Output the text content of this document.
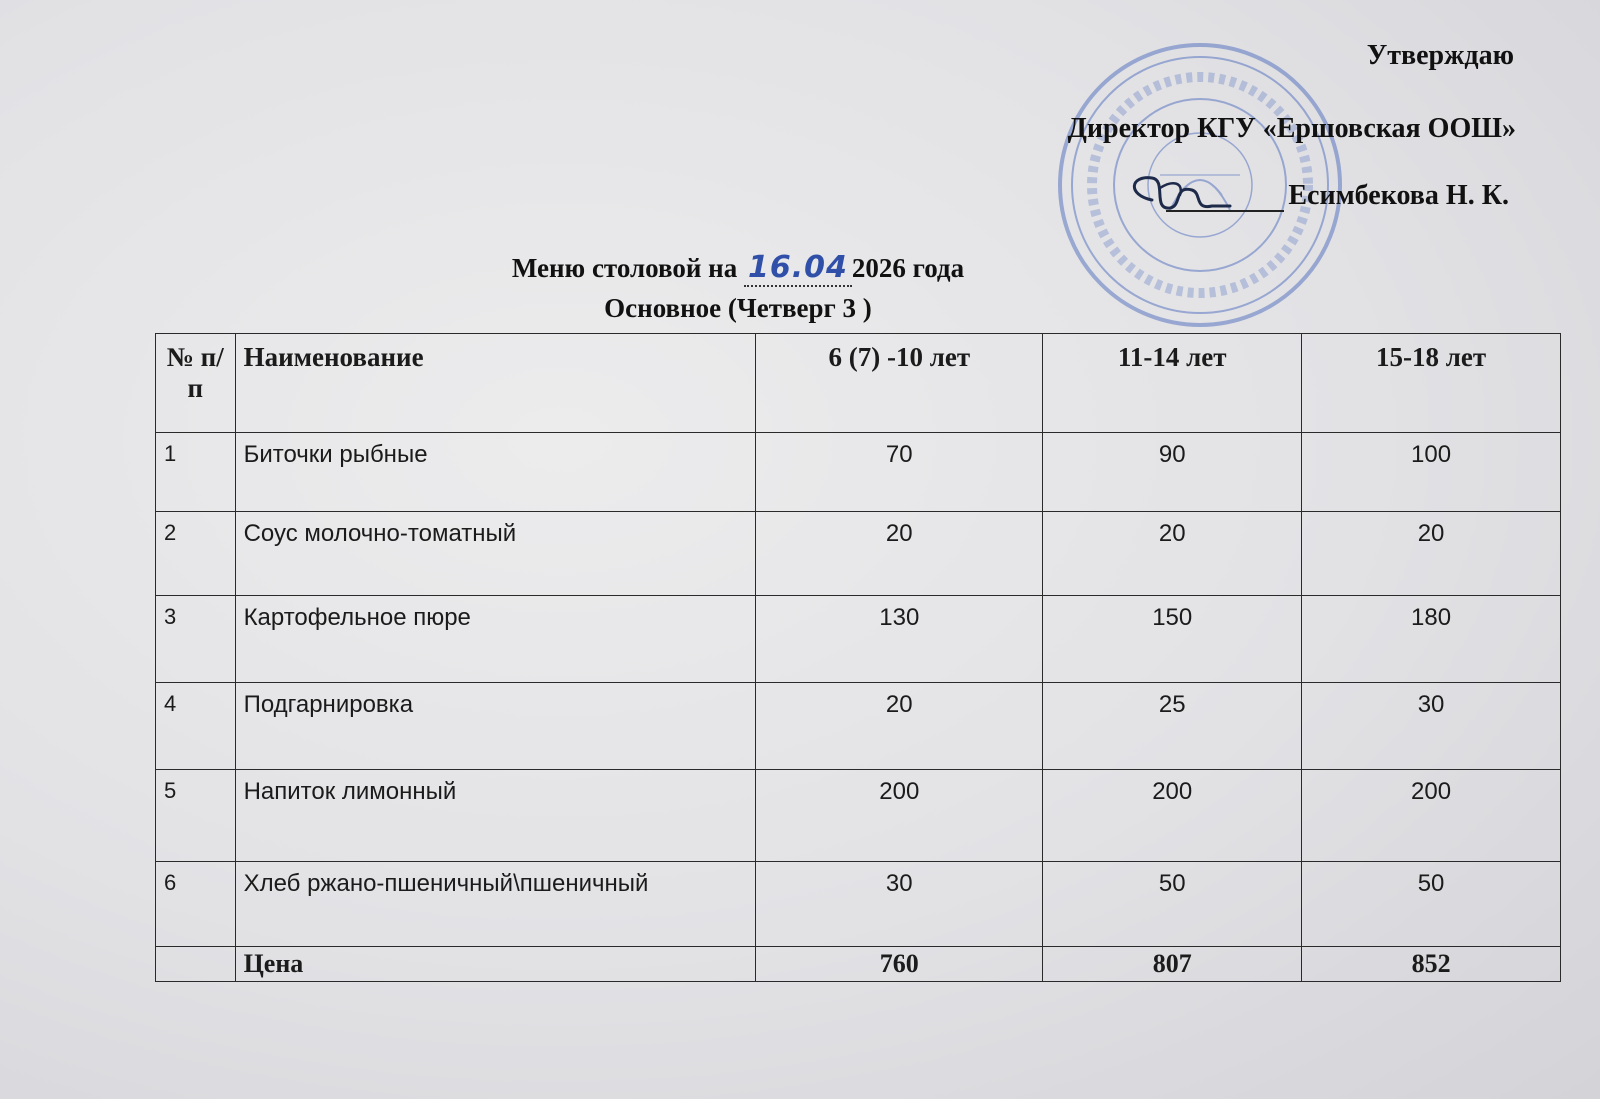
Утверждаю
Директор КГУ «Ершовская ООШ»
Есимбекова Н. К.
Меню столовой на 16.04 2026 года
Основное (Четверг 3 )
№ п/п	Наименование	6 (7) -10 лет	11-14 лет	15-18 лет
1	Биточки рыбные	70	90	100
2	Соус молочно-томатный	20	20	20
3	Картофельное пюре	130	150	180
4	Подгарнировка	20	25	30
5	Напиток лимонный	200	200	200
6	Хлеб ржано-пшеничный\пшеничный	30	50	50
	Цена	760	807	852
